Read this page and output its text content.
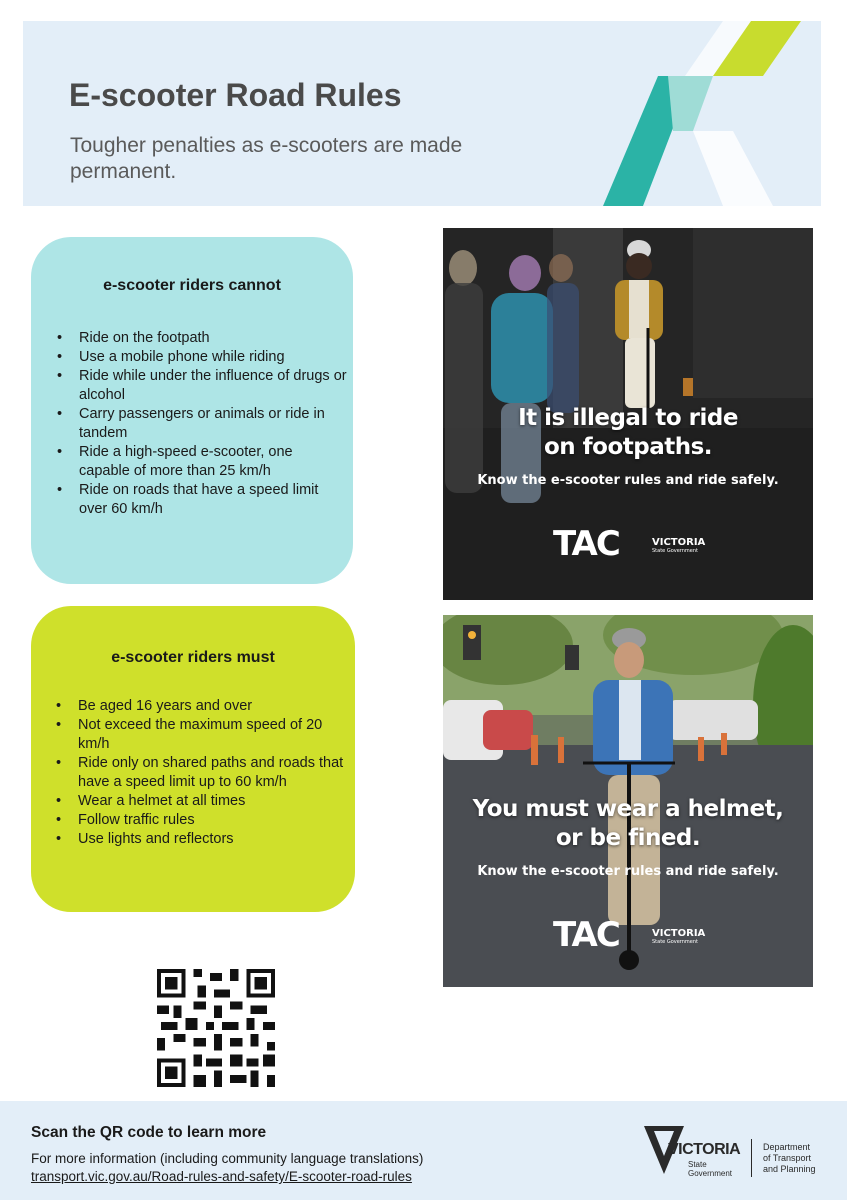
E-scooter Road Rules
Tougher penalties as e-scooters are made permanent.
e-scooter riders cannot
• Ride on the footpath
• Use a mobile phone while riding
• Ride while under the influence of drugs or alcohol
• Carry passengers or animals or ride in tandem
• Ride a high-speed e-scooter, one capable of more than 25 km/h
• Ride on roads that have a speed limit over 60 km/h
e-scooter riders must
• Be aged 16 years and over
• Not exceed the maximum speed of 20 km/h
• Ride only on shared paths and roads that have a speed limit up to 60 km/h
• Wear a helmet at all times
• Follow traffic rules
• Use lights and reflectors
It is illegal to ride
on footpaths.
Know the e-scooter rules and ride safely.
TAC	VICTORIA
State Government
You must wear a helmet,
or be fined.
Know the e-scooter rules and ride safely.
TAC	VICTORIA
State Government
Scan the QR code to learn more
For more information (including community language translations)
transport.vic.gov.au/Road-rules-and-safety/E-scooter-road-rules
VICTORIA
State
Government
Department
of Transport
and Planning
